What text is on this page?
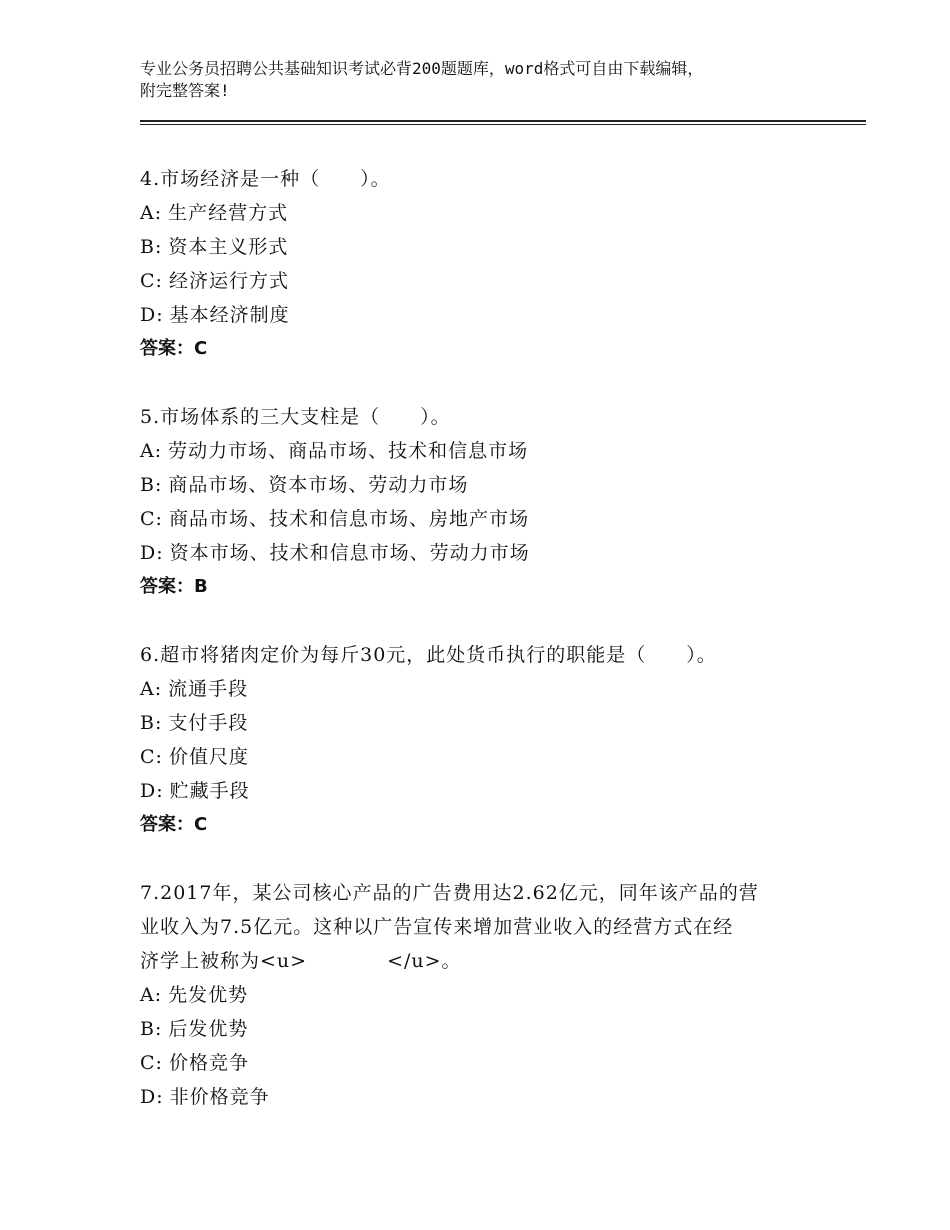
专业公务员招聘公共基础知识考试必背200题题库，word格式可自由下载编辑，
附完整答案!
4.市场经济是一种（　　）。
A: 生产经营方式
B: 资本主义形式
C: 经济运行方式
D: 基本经济制度
答案：C
5.市场体系的三大支柱是（　　）。
A: 劳动力市场、商品市场、技术和信息市场
B: 商品市场、资本市场、劳动力市场
C: 商品市场、技术和信息市场、房地产市场
D: 资本市场、技术和信息市场、劳动力市场
答案：B
6.超市将猪肉定价为每斤30元，此处货币执行的职能是（　　）。
A: 流通手段
B: 支付手段
C: 价值尺度
D: 贮藏手段
答案：C
7.2017年，某公司核心产品的广告费用达2.62亿元，同年该产品的营
业收入为7.5亿元。这种以广告宣传来增加营业收入的经营方式在经
济学上被称为<u>　　　　</u>。
A: 先发优势
B: 后发优势
C: 价格竞争
D: 非价格竞争
